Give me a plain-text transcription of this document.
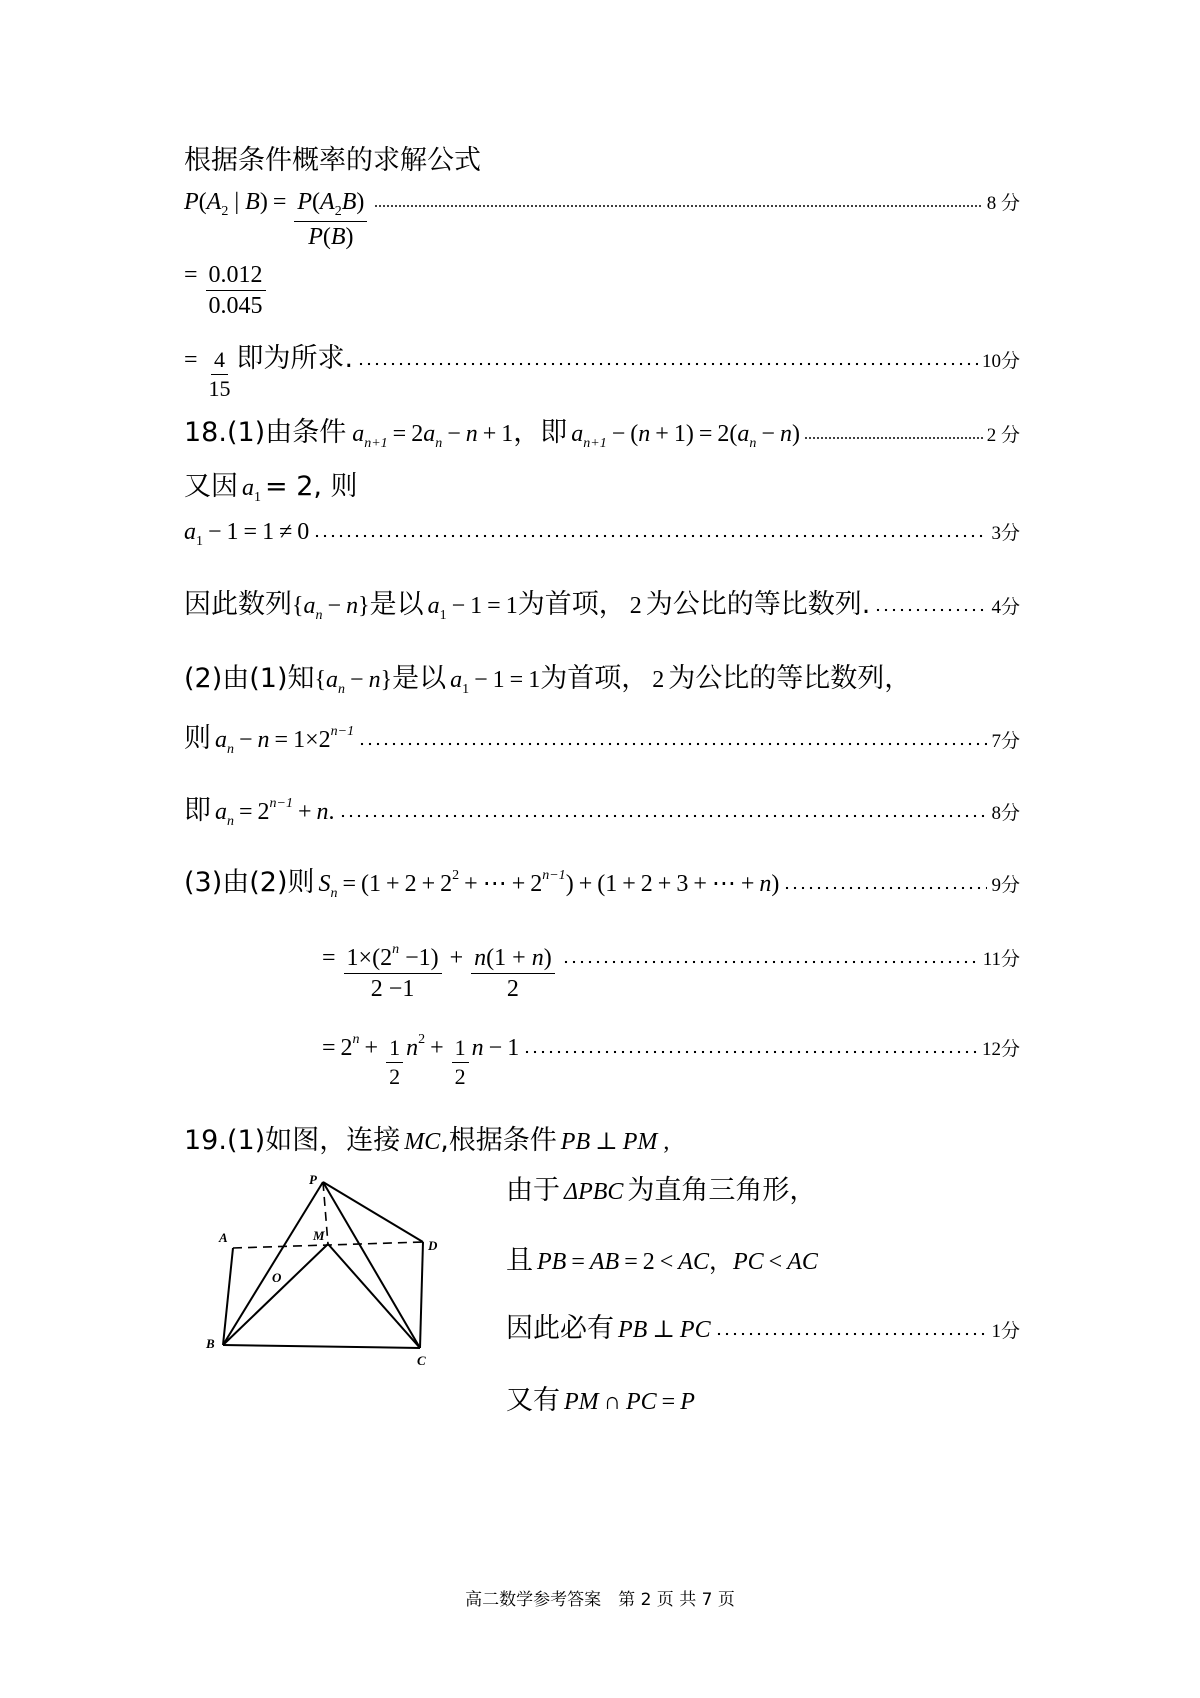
根据条件概率的求解公式
$P(A_2$ | $B) = \frac{P(A_2B)}{P(B)}$	8 分
= $\frac{0.012}{0.045}$
= $\frac{4}{15}$ 即为所求.	10分
18. (1)由条件 $a_{n+1} = 2a_n - n + 1$ ，即 $a_{n+1} - (n + 1) = 2(a_n - n)$	2 分
又因 $a_1 = 2$, 则
$a_1 - 1 = 1 \ne 0$	3分
因此数列 $\{a_n - n\}$ 是以 $a_1 - 1 = 1$ 为首项， 2 为公比的等比数列.	4分
(2)由(1)知 $\{a_n - n\}$ 是以 $a_1 - 1 = 1$ 为首项， 2 为公比的等比数列，
则 $a_n - n = 1\times 2^{n-1}$	7分
即 $a_n = 2^{n-1} + n$.	8分
(3)由(2)则 $S_n = (1 + 2 + 2^2$ + ⋯ + $2^{n-1}) + (1 + 2 + 3$ + ⋯ + n)	9分
= $\frac{1\times(2^n -1)}{2 -1} + \frac{n(1 + n)}{2}$	11分
= $2^n + \frac{1}{2} n^2 + \frac{1}{2}$ n − 1	12分
19. (1)如图，连接 MC ,根据条件 PB ⊥ PM ,
P
A	M
D
O
B
C
由于 ΔPBC 为直角三角形，
且 PB = AB = 2 < AC，PC < AC
因此必有 PB ⊥ PC	1分
又有 PM ∩ PC = P
高二数学参考答案　第 2 页 共 7 页
